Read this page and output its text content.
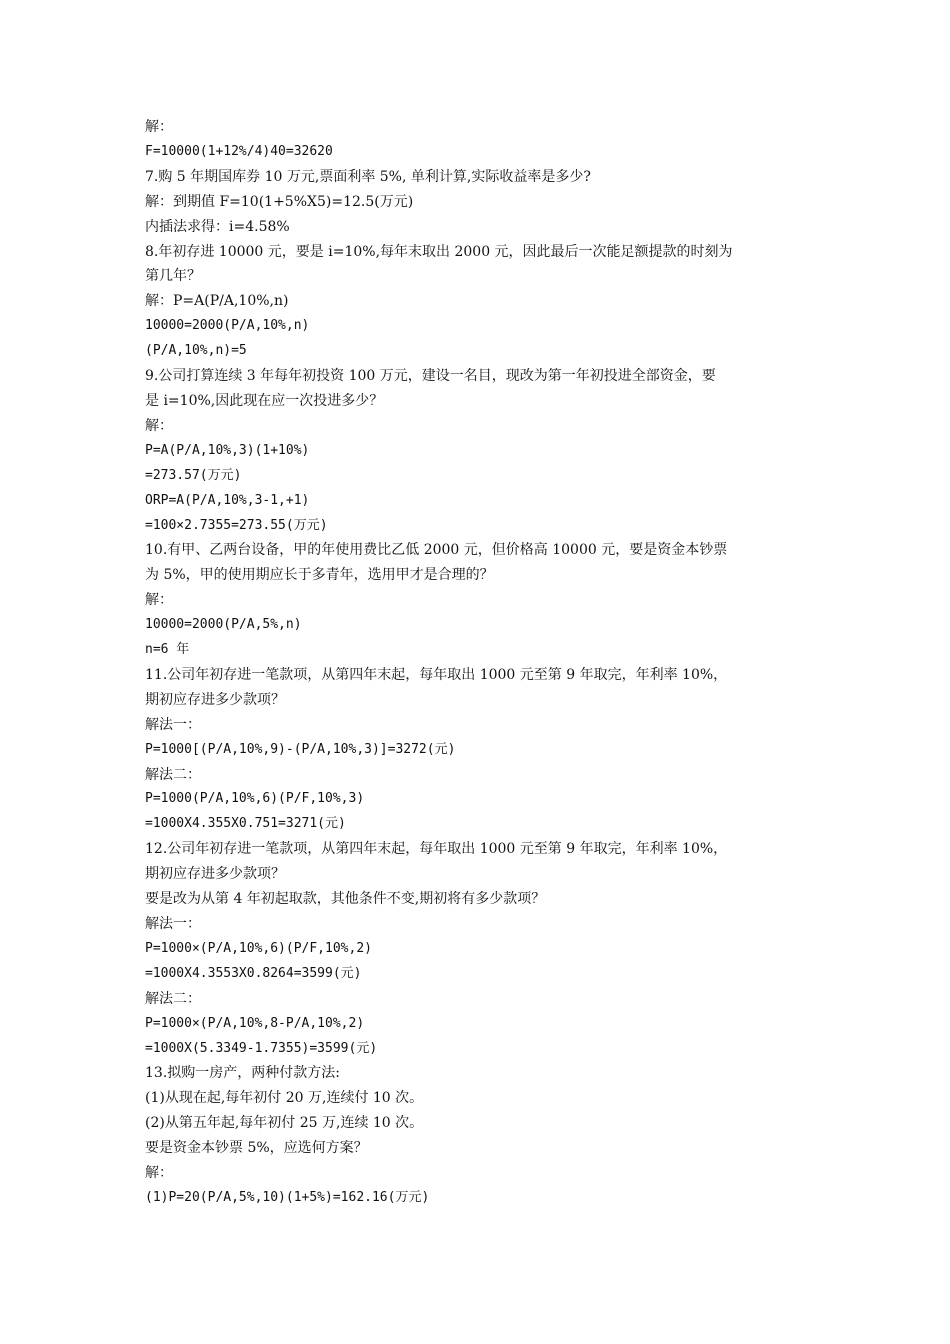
解：
F=10000(1+12%/4)40=32620
7.购 5 年期国库券 10 万元,票面利率 5%, 单利计算,实际收益率是多少?
解：到期值 F=10(1+5%X5)=12.5(万元)
内插法求得：i=4.58%
8.年初存进 10000 元，要是 i=10%,每年末取出 2000 元，因此最后一次能足额提款的时刻为
第几年？
解：P=A(P/A,10%,n)
10000=2000(P/A,10%,n)
(P/A,10%,n)=5
9.公司打算连续 3 年每年初投资 100 万元，建设一名目，现改为第一年初投进全部资金，要
是 i=10%,因此现在应一次投进多少？
解：
P=A(P/A,10%,3)(1+10%)
=273.57(万元)
ORP=A(P/A,10%,3-1,+1)
=100×2.7355=273.55(万元)
10.有甲、乙两台设备，甲的年使用费比乙低 2000 元，但价格高 10000 元，要是资金本钞票
为 5%，甲的使用期应长于多青年，选用甲才是合理的？
解：
10000=2000(P/A,5%,n)
n=6 年
11.公司年初存进一笔款项，从第四年末起，每年取出 1000 元至第 9 年取完，年利率 10%，
期初应存进多少款项？
解法一：
P=1000[(P/A,10%,9)-(P/A,10%,3)]=3272(元)
解法二：
P=1000(P/A,10%,6)(P/F,10%,3)
=1000X4.355X0.751=3271(元)
12.公司年初存进一笔款项，从第四年末起，每年取出 1000 元至第 9 年取完，年利率 10%，
期初应存进多少款项？
要是改为从第 4 年初起取款，其他条件不变,期初将有多少款项？
解法一：
P=1000×(P/A,10%,6)(P/F,10%,2)
=1000X4.3553X0.8264=3599(元)
解法二：
P=1000×(P/A,10%,8-P/A,10%,2)
=1000X(5.3349-1.7355)=3599(元)
13.拟购一房产，两种付款方法:
(1)从现在起,每年初付 20 万,连续付 10 次。
(2)从第五年起,每年初付 25 万,连续 10 次。
要是资金本钞票 5%，应选何方案？
解：
(1)P=20(P/A,5%,10)(1+5%)=162.16(万元)
